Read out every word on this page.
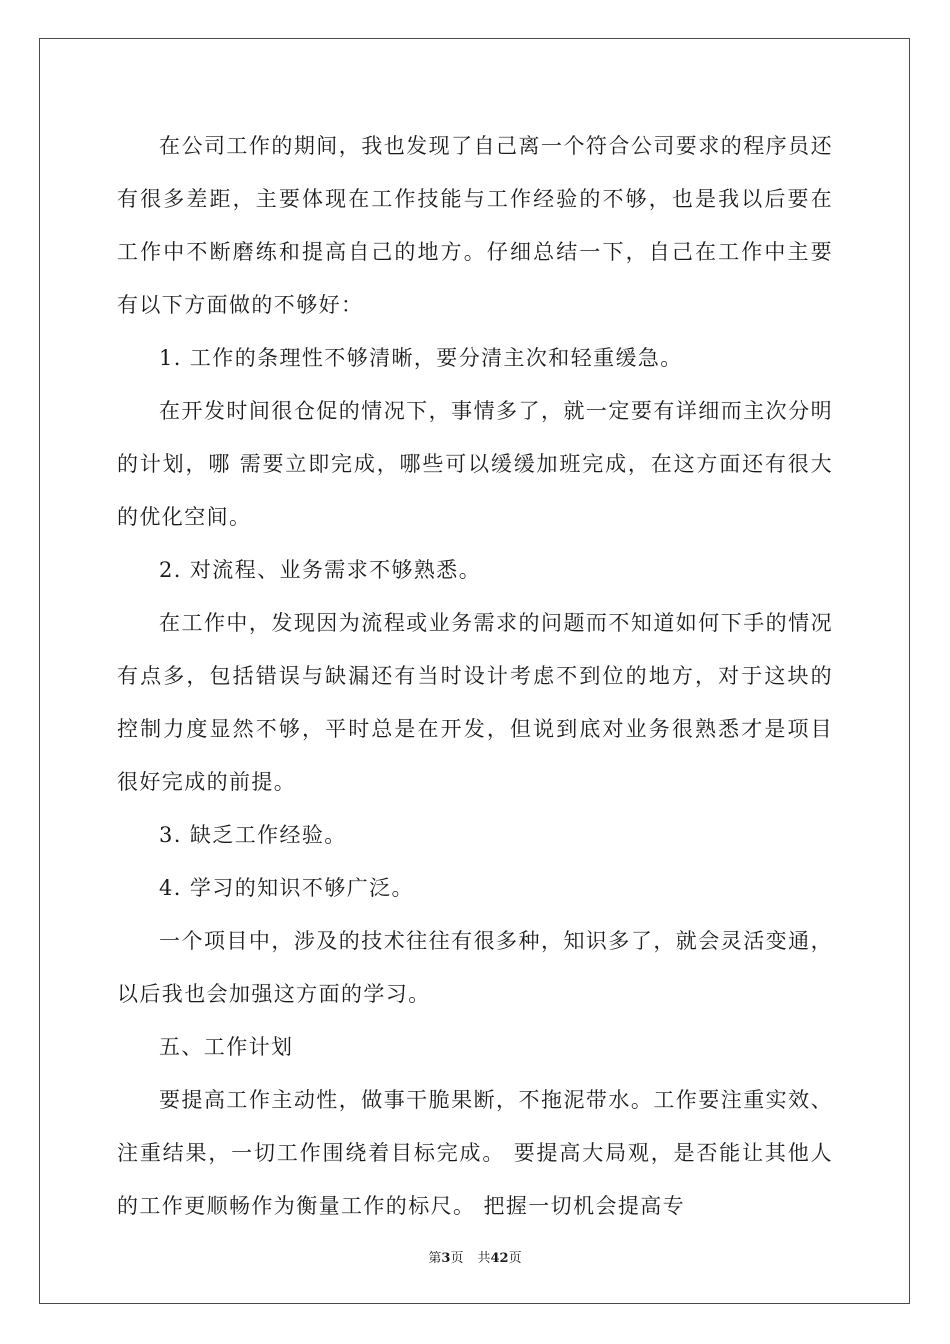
在公司工作的期间，我也发现了自己离一个符合公司要求的程序员还有很多差距，主要体现在工作技能与工作经验的不够，也是我以后要在工作中不断磨练和提高自己的地方。仔细总结一下，自己在工作中主要有以下方面做的不够好：

1. 工作的条理性不够清晰，要分清主次和轻重缓急。

在开发时间很仓促的情况下，事情多了，就一定要有详细而主次分明的计划，哪 需要立即完成，哪些可以缓缓加班完成，在这方面还有很大的优化空间。

2. 对流程、业务需求不够熟悉。

在工作中，发现因为流程或业务需求的问题而不知道如何下手的情况有点多，包括错误与缺漏还有当时设计考虑不到位的地方，对于这块的控制力度显然不够，平时总是在开发，但说到底对业务很熟悉才是项目很好完成的前提。

3. 缺乏工作经验。

4. 学习的知识不够广泛。

一个项目中，涉及的技术往往有很多种，知识多了，就会灵活变通，以后我也会加强这方面的学习。

五、工作计划

要提高工作主动性，做事干脆果断，不拖泥带水。工作要注重实效、注重结果，一切工作围绕着目标完成。 要提高大局观，是否能让其他人的工作更顺畅作为衡量工作的标尺。 把握一切机会提高专

第3页 共42页
